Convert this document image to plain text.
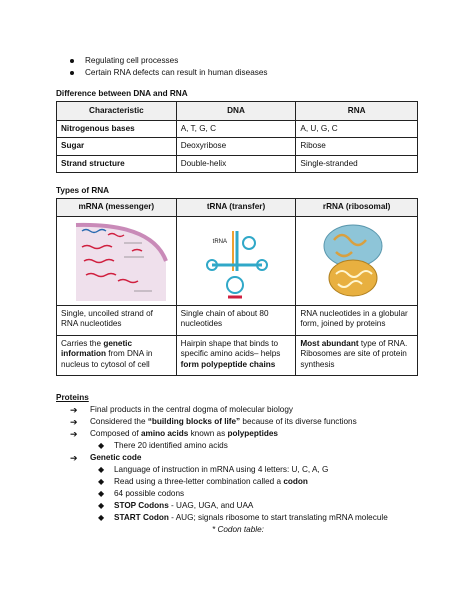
Regulating cell processes
Certain RNA defects can result in human diseases
Difference between DNA and RNA
Characteristic	DNA	RNA
Nitrogenous bases	A, T, G, C	A, U, G, C
Sugar	Deoxyribose	Ribose
Strand structure	Double-helix	Single-stranded
Types of RNA
mRNA (messenger)	tRNA (transfer)	rRNA (ribosomal)

tRNA

Single, uncoiled strand of RNA nucleotides	Single chain of about 80 nucleotides	RNA nucleotides in a globular form, joined by proteins
Carries the genetic information from DNA in nucleus to cytosol of cell	Hairpin shape that binds to specific amino acids– helps form polypeptide chains	Most abundant type of RNA. Ribosomes are site of protein synthesis
Proteins
➔	Final products in the central dogma of molecular biology
➔	Considered the “building blocks of life” because of its diverse functions
➔	Composed of amino acids known as polypeptides
◆	There 20 identified amino acids
➔	Genetic code
◆	Language of instruction in mRNA using 4 letters: U, C, A, G
◆	Read using a three-letter combination called a codon
◆	64 possible codons
◆	STOP Codons - UAG, UGA, and UAA
◆	START Codon - AUG; signals ribosome to start translating mRNA molecule
* Codon table:
